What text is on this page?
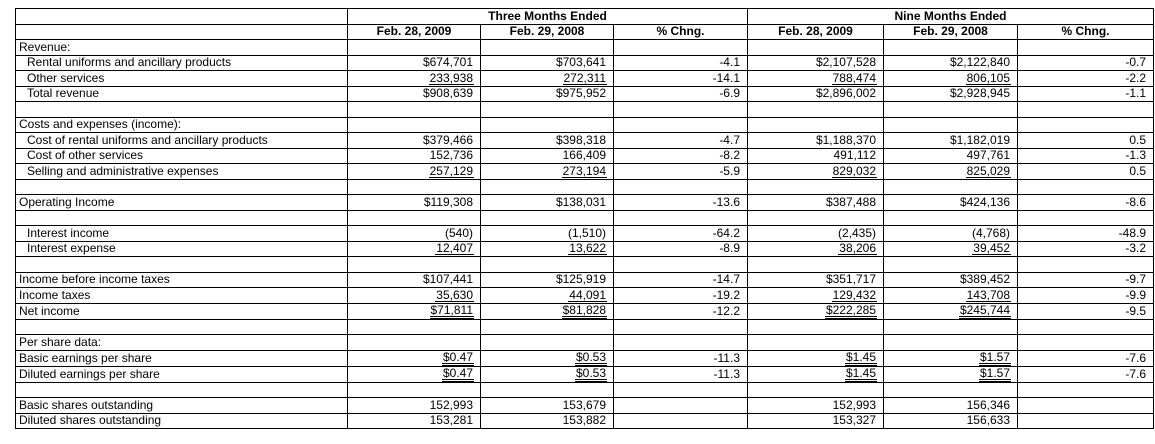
	Three Months Ended			Nine Months Ended		
	Feb. 28, 2009	Feb. 29, 2008	% Chng.	Feb. 28, 2009	Feb. 29, 2008	% Chng.
Revenue:						
Rental uniforms and ancillary products	$674,701	$703,641	-4.1	$2,107,528	$2,122,840	-0.7
Other services	233,938	272,311	-14.1	788,474	806,105	-2.2
Total revenue	$908,639	$975,952	-6.9	$2,896,002	$2,928,945	-1.1

Costs and expenses (income):						
Cost of rental uniforms and ancillary products	$379,466	$398,318	-4.7	$1,188,370	$1,182,019	0.5
Cost of other services	152,736	166,409	-8.2	491,112	497,761	-1.3
Selling and administrative expenses	257,129	273,194	-5.9	829,032	825,029	0.5

Operating Income	$119,308	$138,031	-13.6	$387,488	$424,136	-8.6

Interest income	(540)	(1,510)	-64.2	(2,435)	(4,768)	-48.9
Interest expense	12,407	13,622	-8.9	38,206	39,452	-3.2

Income before income taxes	$107,441	$125,919	-14.7	$351,717	$389,452	-9.7
Income taxes	35,630	44,091	-19.2	129,432	143,708	-9.9
Net income	$71,811	$81,828	-12.2	$222,285	$245,744	-9.5

Per share data:						
Basic earnings per share	$0.47	$0.53	-11.3	$1.45	$1.57	-7.6
Diluted earnings per share	$0.47	$0.53	-11.3	$1.45	$1.57	-7.6

Basic shares outstanding	152,993	153,679		152,993	156,346	
Diluted shares outstanding	153,281	153,882		153,327	156,633	
